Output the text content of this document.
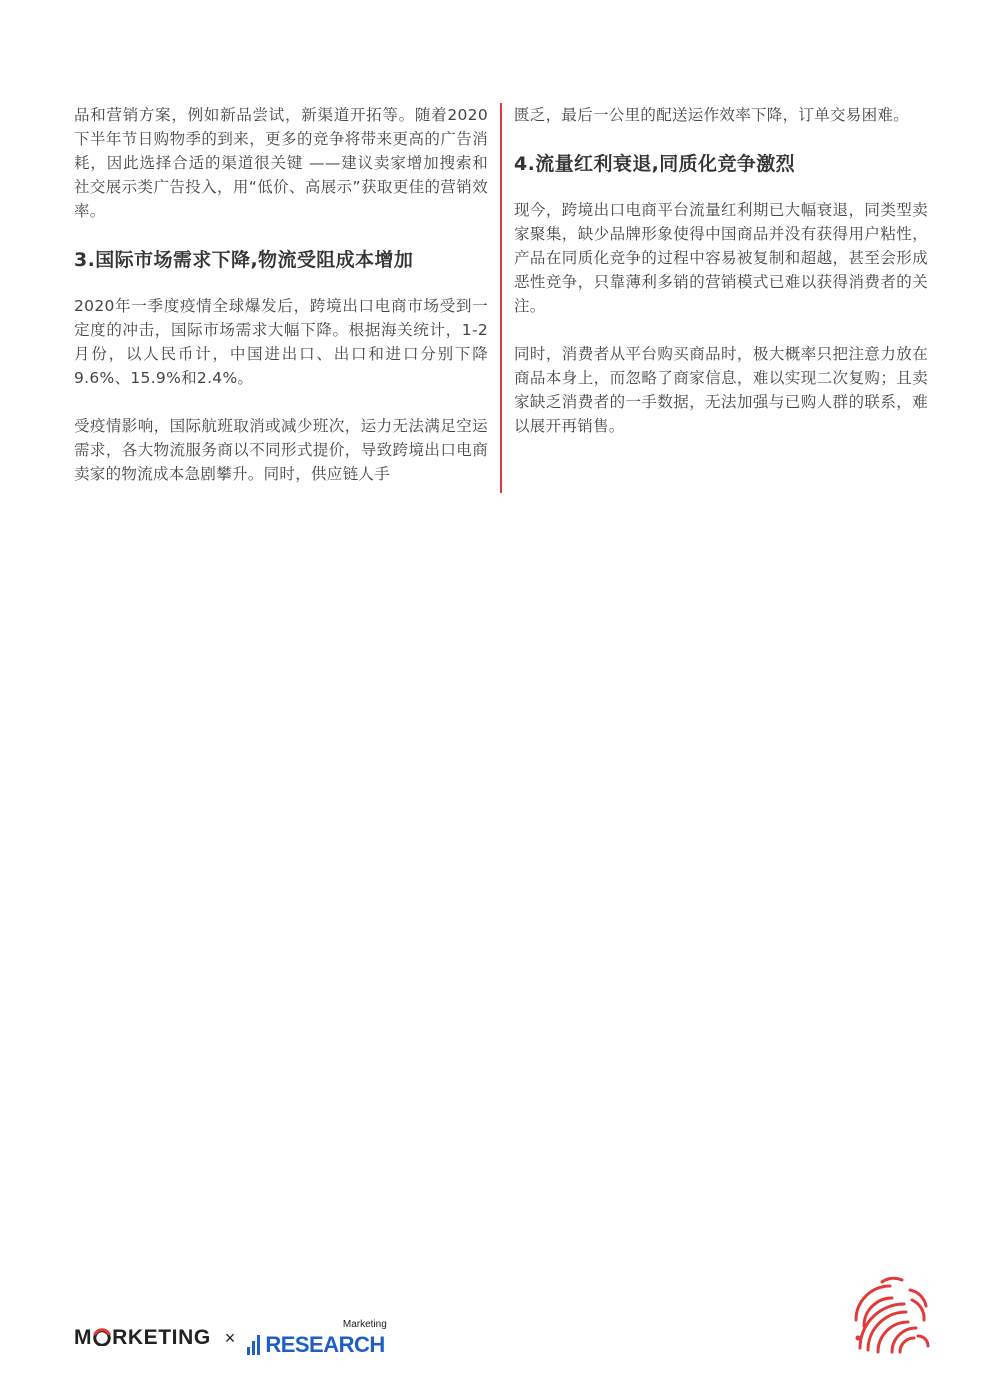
品和营销方案，例如新品尝试，新渠道开拓等。随着2020下半年节日购物季的到来，更多的竞争将带来更高的广告消耗，因此选择合适的渠道很关键 ——建议卖家增加搜索和社交展示类广告投入，用“低价、高展示”获取更佳的营销效率。

3.国际市场需求下降,物流受阻成本增加

2020年一季度疫情全球爆发后，跨境出口电商市场受到一定度的冲击，国际市场需求大幅下降。根据海关统计，1-2月份，以人民币计，中国进出口、出口和进口分别下降9.6%、15.9%和2.4%。

受疫情影响，国际航班取消或减少班次，运力无法满足空运需求，各大物流服务商以不同形式提价，导致跨境出口电商卖家的物流成本急剧攀升。同时，供应链人手

匮乏，最后一公里的配送运作效率下降，订单交易困难。

4.流量红利衰退,同质化竞争激烈

现今，跨境出口电商平台流量红利期已大幅衰退，同类型卖家聚集，缺少品牌形象使得中国商品并没有获得用户粘性，产品在同质化竞争的过程中容易被复制和超越，甚至会形成恶性竞争，只靠薄利多销的营销模式已难以获得消费者的关注。

同时，消费者从平台购买商品时，极大概率只把注意力放在商品本身上，而忽略了商家信息，难以实现二次复购；且卖家缺乏消费者的一手数据，无法加强与已购人群的联系，难以展开再销售。

M RKETING × RESEARCH
Marketing
